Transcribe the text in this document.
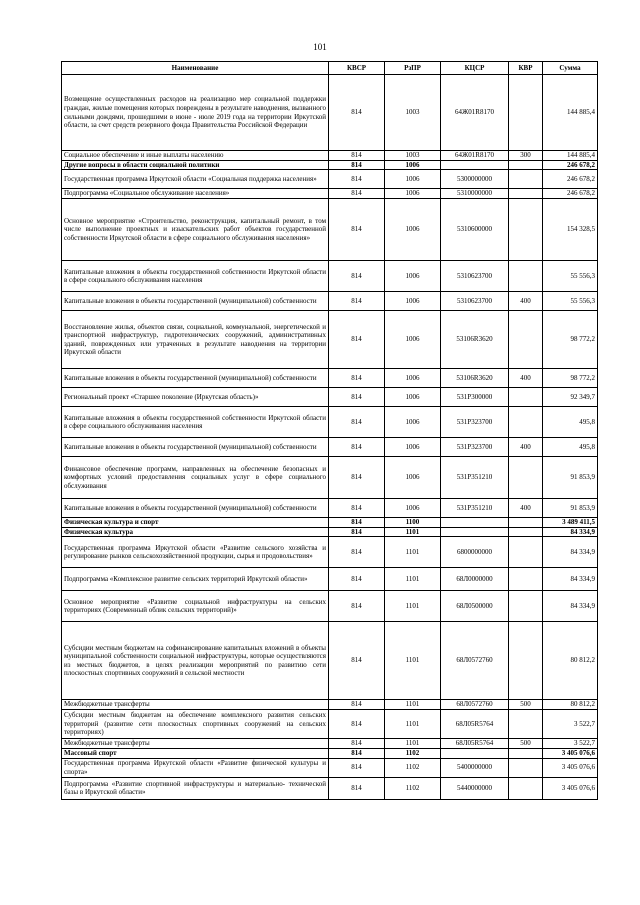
101
Наименование	КВСР	РзПР	КЦСР	КВР	Сумма
Возмещение осуществленных расходов на реализацию мер социальной поддержки граждан, жилые помещения которых повреждены в результате наводнения, вызванного сильными дождями, прошедшими в июне - июле 2019 года на территории Иркутской области, за счет средств резервного фонда Правительства Российской Федерации	814	1003	64Ж01R8170		144 885,4
Социальное обеспечение и иные выплаты населению	814	1003	64Ж01R8170	300	144 885,4
Другие вопросы в области социальной политики	814	1006			246 678,2
Государственная программа Иркутской области «Социальная поддержка населения»	814	1006	5300000000		246 678,2
Подпрограмма «Социальное обслуживание населения»	814	1006	5310000000		246 678,2
Основное мероприятие «Строительство, реконструкция, капитальный ремонт, в том числе выполнение проектных и изыскательских работ объектов государственной собственности Иркутской области в сфере социального обслуживания населения»	814	1006	5310600000		154 328,5
Капитальные вложения в объекты государственной собственности Иркутской области в сфере социального обслуживания населения	814	1006	5310623700		55 556,3
Капитальные вложения в объекты государственной (муниципальной) собственности	814	1006	5310623700	400	55 556,3
Восстановление жилья, объектов связи, социальной, коммунальной, энергетической и транспортной инфраструктур, гидротехнических сооружений, административных зданий, поврежденных или утраченных в результате наводнения на территории Иркутской области	814	1006	53106R3620		98 772,2
Капитальные вложения в объекты государственной (муниципальной) собственности	814	1006	53106R3620	400	98 772,2
Региональный проект «Старшее поколение (Иркутская область)»	814	1006	531P300000		92 349,7
Капитальные вложения в объекты государственной собственности Иркутской области в сфере социального обслуживания населения	814	1006	531P323700		495,8
Капитальные вложения в объекты государственной (муниципальной) собственности	814	1006	531P323700	400	495,8
Финансовое обеспечение программ, направленных на обеспечение безопасных и комфортных условий предоставления социальных услуг в сфере социального обслуживания	814	1006	531P351210		91 853,9
Капитальные вложения в объекты государственной (муниципальной) собственности	814	1006	531P351210	400	91 853,9
Физическая культура и спорт	814	1100			3 489 411,5
Физическая культура	814	1101			84 334,9
Государственная программа Иркутской области «Развитие сельского хозяйства и регулирование рынков сельскохозяйственной продукции, сырья и продовольствия»	814	1101	6800000000		84 334,9
Подпрограмма «Комплексное развитие сельских территорий Иркутской области»	814	1101	68Л0000000		84 334,9
Основное мероприятие «Развитие социальной инфраструктуры на сельских территориях (Современный облик сельских территорий)»	814	1101	68Л0500000		84 334,9
Субсидии местным бюджетам на софинансирование капитальных вложений в объекты муниципальной собственности социальной инфраструктуры, которые осуществляются из местных бюджетов, в целях реализации мероприятий по развитию сети плоскостных спортивных сооружений в сельской местности	814	1101	68Л0572760		80 812,2
Межбюджетные трансферты	814	1101	68Л0572760	500	80 812,2
Субсидии местным бюджетам на обеспечение комплексного развития сельских территорий (развитие сети плоскостных спортивных сооружений на сельских территориях)	814	1101	68Л05R5764		3 522,7
Межбюджетные трансферты	814	1101	68Л05R5764	500	3 522,7
Массовый спорт	814	1102			3 405 076,6
Государственная программа Иркутской области «Развитие физической культуры и спорта»	814	1102	5400000000		3 405 076,6
Подпрограмма «Развитие спортивной инфраструктуры и материально- технической базы в Иркутской области»	814	1102	5440000000		3 405 076,6
